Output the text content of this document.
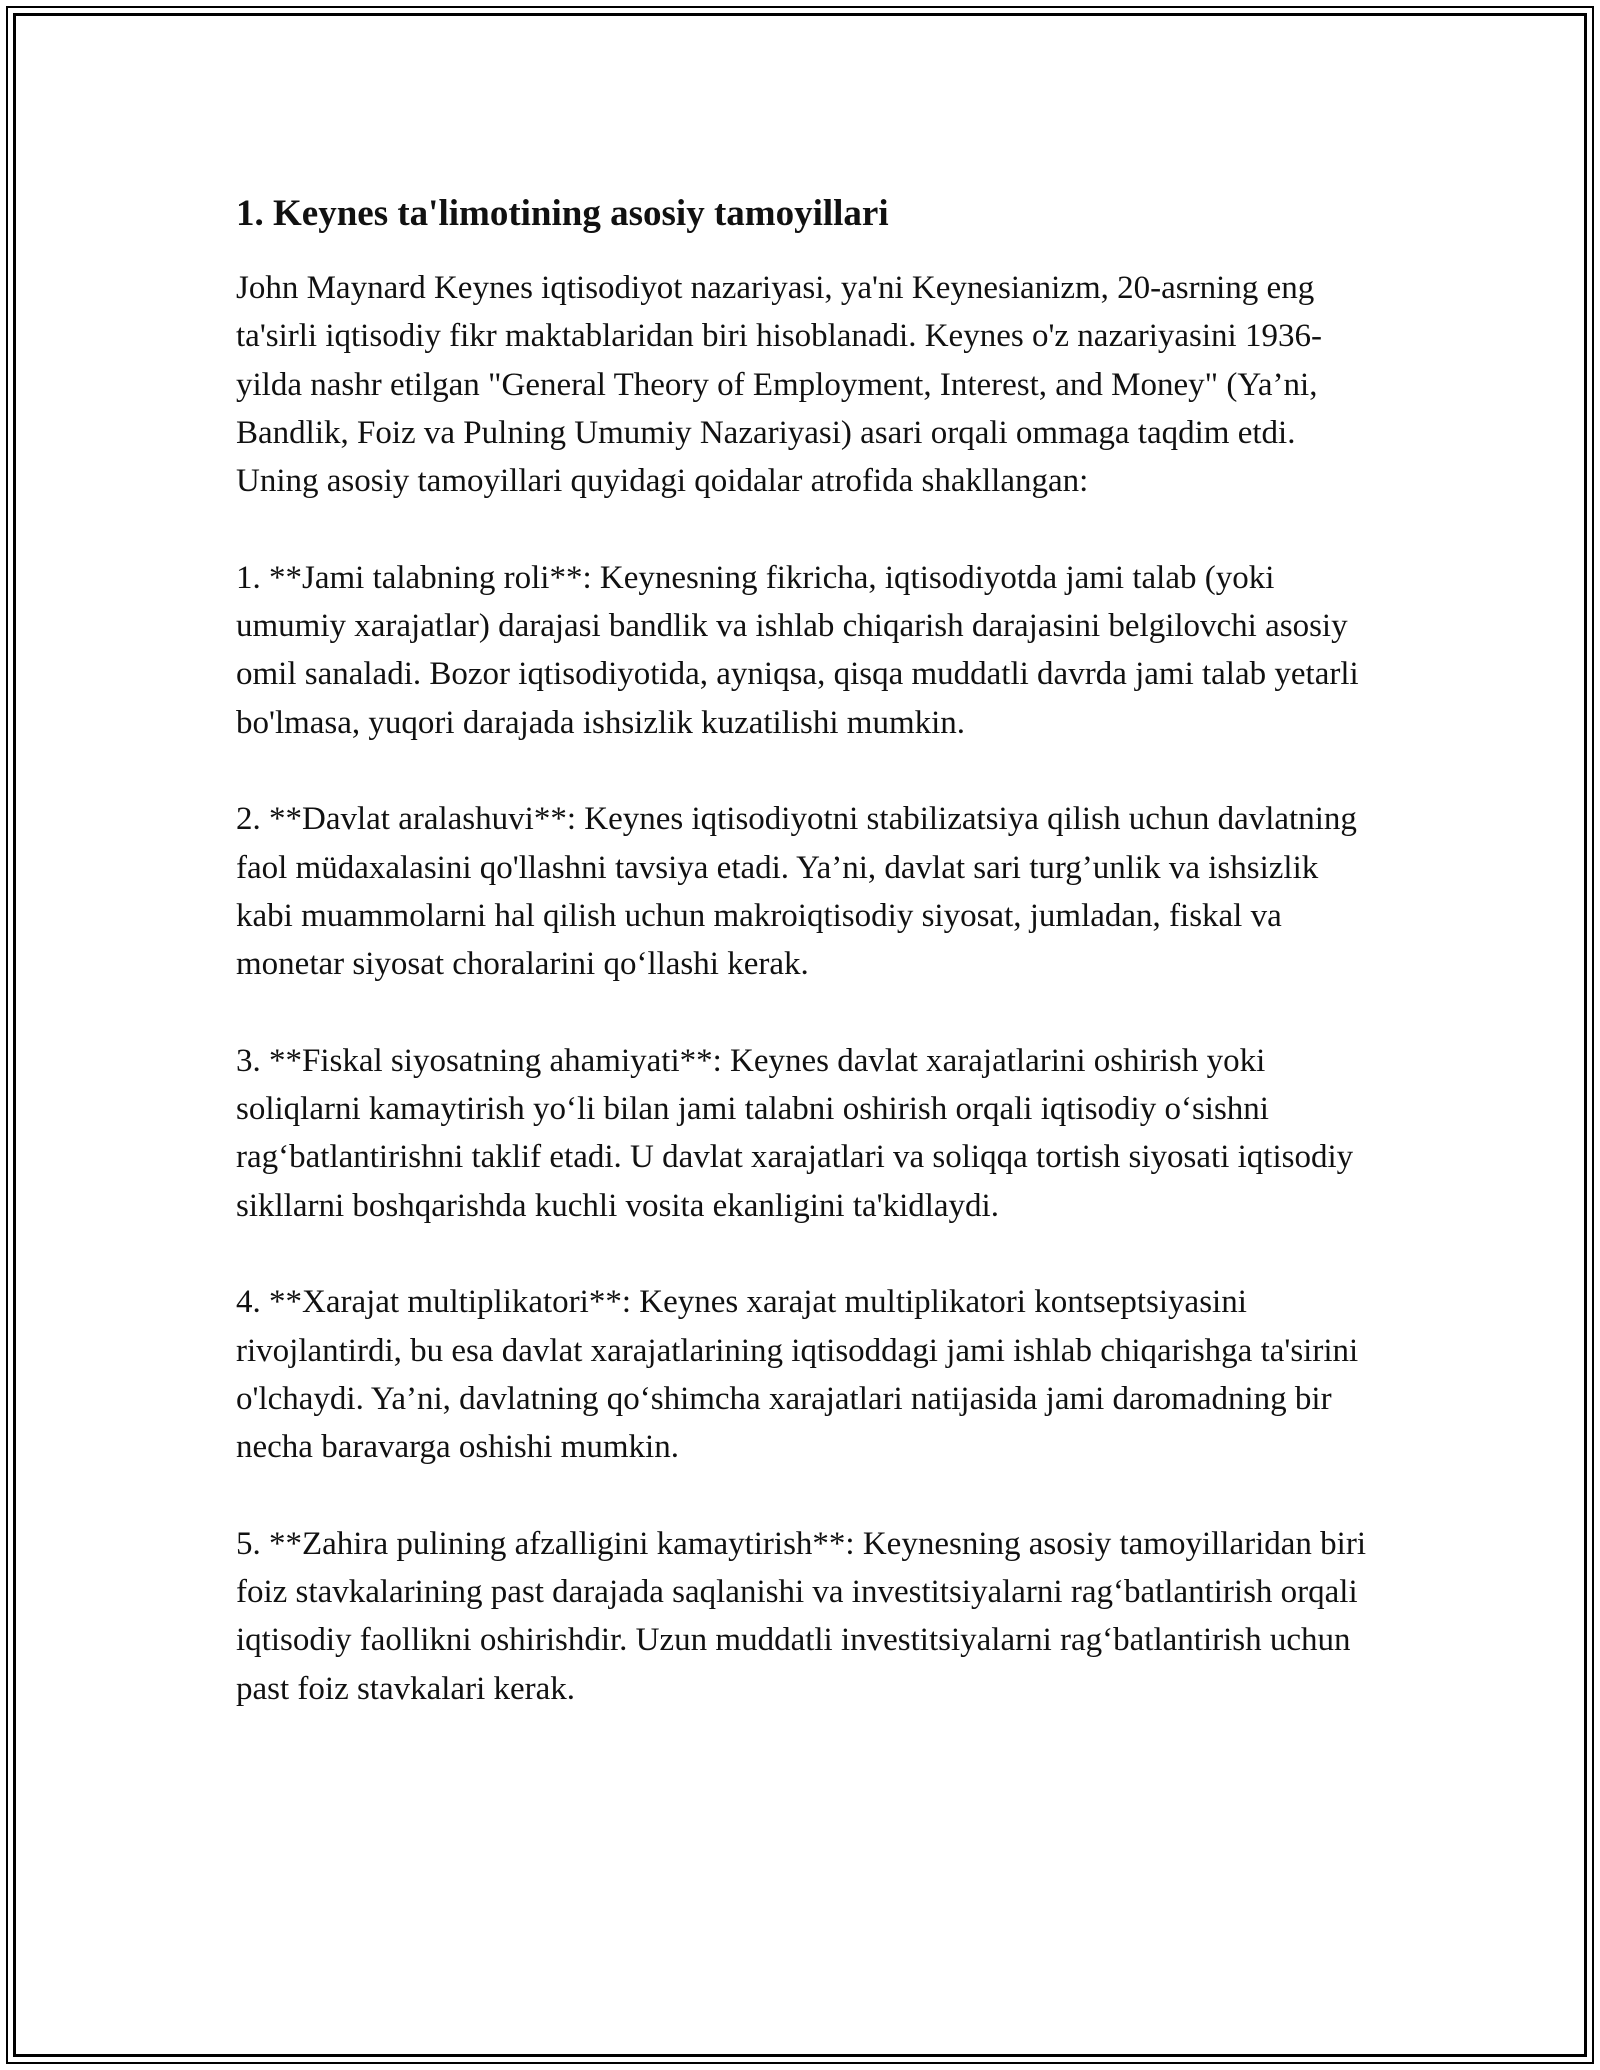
1. Keynes ta'limotining asosiy tamoyillari

John Maynard Keynes iqtisodiyot nazariyasi, ya'ni Keynesianizm, 20-asrning eng ta'sirli iqtisodiy fikr maktablaridan biri hisoblanadi. Keynes o'z nazariyasini 1936-yilda nashr etilgan "General Theory of Employment, Interest, and Money" (Ya’ni, Bandlik, Foiz va Pulning Umumiy Nazariyasi) asari orqali ommaga taqdim etdi. Uning asosiy tamoyillari quyidagi qoidalar atrofida shakllangan:

1. **Jami talabning roli**: Keynesning fikricha, iqtisodiyotda jami talab (yoki umumiy xarajatlar) darajasi bandlik va ishlab chiqarish darajasini belgilovchi asosiy omil sanaladi. Bozor iqtisodiyotida, ayniqsa, qisqa muddatli davrda jami talab yetarli bo'lmasa, yuqori darajada ishsizlik kuzatilishi mumkin.

2. **Davlat aralashuvi**: Keynes iqtisodiyotni stabilizatsiya qilish uchun davlatning faol müdaxalasini qo'llashni tavsiya etadi. Ya’ni, davlat sari turg’unlik va ishsizlik kabi muammolarni hal qilish uchun makroiqtisodiy siyosat, jumladan, fiskal va monetar siyosat choralarini qo‘llashi kerak.

3. **Fiskal siyosatning ahamiyati**: Keynes davlat xarajatlarini oshirish yoki soliqlarni kamaytirish yo‘li bilan jami talabni oshirish orqali iqtisodiy o‘sishni rag‘batlantirishni taklif etadi. U davlat xarajatlari va soliqqa tortish siyosati iqtisodiy sikllarni boshqarishda kuchli vosita ekanligini ta'kidlaydi.

4. **Xarajat multiplikatori**: Keynes xarajat multiplikatori kontseptsiyasini rivojlantirdi, bu esa davlat xarajatlarining iqtisoddagi jami ishlab chiqarishga ta'sirini o'lchaydi. Ya’ni, davlatning qo‘shimcha xarajatlari natijasida jami daromadning bir necha baravarga oshishi mumkin.

5. **Zahira pulining afzalligini kamaytirish**: Keynesning asosiy tamoyillaridan biri foiz stavkalarining past darajada saqlanishi va investitsiyalarni rag‘batlantirish orqali iqtisodiy faollikni oshirishdir. Uzun muddatli investitsiyalarni rag‘batlantirish uchun past foiz stavkalari kerak.
